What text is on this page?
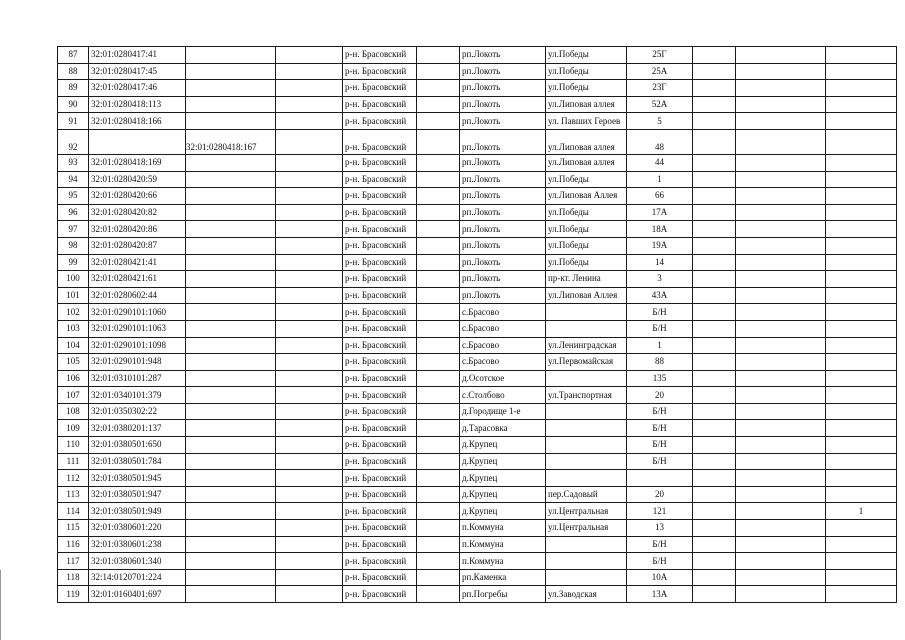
87	32:01:0280417:41			р-н. Брасовский		рп.Локоть	ул.Победы	25Г			
88	32:01:0280417:45			р-н. Брасовский		рп.Локоть	ул.Победы	25А			
89	32:01:0280417:46			р-н. Брасовский		рп.Локоть	ул.Победы	23Г			
90	32:01:0280418:113			р-н. Брасовский		рп.Локоть	ул.Липовая аллея	52А			
91	32:01:0280418:166			р-н. Брасовский		рп.Локоть	ул. Павших Героев	5			
92		32:01:0280418:167		р-н. Брасовский		рп.Локоть	ул.Липовая аллея	48			
93	32:01:0280418:169			р-н. Брасовский		рп.Локоть	ул.Липовая аллея	44			
94	32:01:0280420:59			р-н. Брасовский		рп.Локоть	ул.Победы	1			
95	32:01:0280420:66			р-н. Брасовский		рп.Локоть	ул.Липовая Аллея	66			
96	32:01:0280420:82			р-н. Брасовский		рп.Локоть	ул.Победы	17А			
97	32:01:0280420:86			р-н. Брасовский		рп.Локоть	ул.Победы	18А			
98	32:01:0280420:87			р-н. Брасовский		рп.Локоть	ул.Победы	19А			
99	32:01:0280421:41			р-н. Брасовский		рп.Локоть	ул.Победы	14			
100	32:01:0280421:61			р-н. Брасовский		рп.Локоть	пр-кт. Ленина	3			
101	32:01:0280602:44			р-н. Брасовский		рп.Локоть	ул.Липовая Аллея	43А			
102	32:01:0290101:1060			р-н. Брасовский		с.Брасово		Б/Н			
103	32:01:0290101:1063			р-н. Брасовский		с.Брасово		Б/Н			
104	32:01:0290101:1098			р-н. Брасовский		с.Брасово	ул.Ленинградская	1			
105	32:01:0290101:948			р-н. Брасовский		с.Брасово	ул.Первомайская	88			
106	32:01:0310101:287			р-н. Брасовский		д.Осотское		135			
107	32:01:0340101:379			р-н. Брасовский		с.Столбово	ул.Транспортная	20			
108	32:01:0350302:22			р-н. Брасовский		д.Городище 1-е		Б/Н			
109	32:01:0380201:137			р-н. Брасовский		д.Тарасовка		Б/Н			
110	32:01:0380501:650			р-н. Брасовский		д.Крупец		Б/Н			
111	32:01:0380501:784			р-н. Брасовский		д.Крупец		Б/Н			
112	32:01:0380501:945			р-н. Брасовский		д.Крупец					
113	32:01:0380501:947			р-н. Брасовский		д.Крупец	пер.Садовый	20			
114	32:01:0380501:949			р-н. Брасовский		д.Крупец	ул.Центральная	121			1
115	32:01:0380601:220			р-н. Брасовский		п.Коммуна	ул.Центральная	13			
116	32:01:0380601:238			р-н. Брасовский		п.Коммуна		Б/Н			
117	32:01:0380601:340			р-н. Брасовский		п.Коммуна		Б/Н			
118	32:14:0120701:224			р-н. Брасовский		рп.Каменка		10А			
119	32:01:0160401:697			р-н. Брасовский		рп.Погребы	ул.Заводская	13А			
